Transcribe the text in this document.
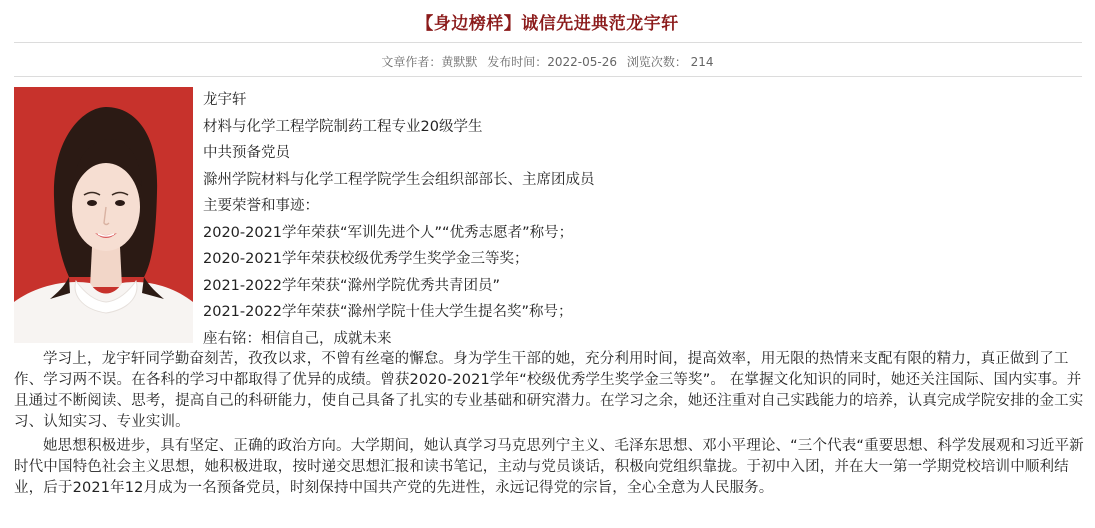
【身边榜样】诚信先进典范龙宇轩
文章作者：黄默默 发布时间：2022-05-26 浏览次数： 214
龙宇轩
材料与化学工程学院制药工程专业20级学生
中共预备党员
滁州学院材料与化学工程学院学生会组织部部长、主席团成员
主要荣誉和事迹：
2020-2021学年荣获“军训先进个人”“优秀志愿者”称号；
2020-2021学年荣获校级优秀学生奖学金三等奖；
2021-2022学年荣获“滁州学院优秀共青团员”
2021-2022学年荣获“滁州学院十佳大学生提名奖”称号；
座右铭：相信自己，成就未来

学习上，龙宇轩同学勤奋刻苦，孜孜以求，不曾有丝毫的懈怠。身为学生干部的她，充分利用时间，提高效率，用无限的热情来支配有限的精力，真正做到了工作、学习两不误。在各科的学习中都取得了优异的成绩。曾获2020-2021学年“校级优秀学生奖学金三等奖”。 在掌握文化知识的同时，她还关注国际、国内实事。并且通过不断阅读、思考，提高自己的科研能力，使自己具备了扎实的专业基础和研究潜力。在学习之余，她还注重对自己实践能力的培养，认真完成学院安排的金工实习、认知实习、专业实训。

她思想积极进步，具有坚定、正确的政治方向。大学期间，她认真学习马克思列宁主义、毛泽东思想、邓小平理论、“三个代表“重要思想、科学发展观和习近平新时代中国特色社会主义思想，她积极进取，按时递交思想汇报和读书笔记，主动与党员谈话，积极向党组织靠拢。于初中入团，并在大一第一学期党校培训中顺利结业，后于2021年12月成为一名预备党员，时刻保持中国共产党的先进性，永远记得党的宗旨，全心全意为人民服务。
